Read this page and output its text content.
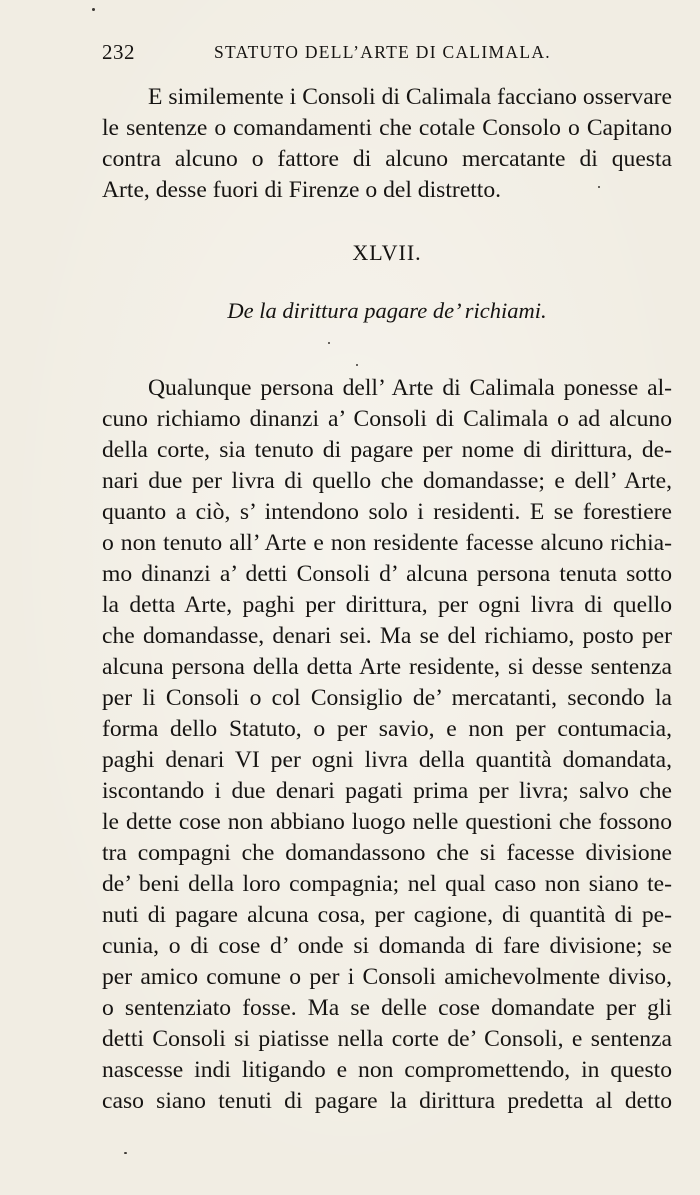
232	STATUTO DELL’ARTE DI CALIMALA.
E similemente i Consoli di Calimala facciano osservare
le sentenze o comandamenti che cotale Consolo o Capitano
contra alcuno o fattore di alcuno mercatante di questa
Arte, desse fuori di Firenze o del distretto.
XLVII.
De la dirittura pagare de’ richiami.
Qualunque persona dell’ Arte di Calimala ponesse al-
cuno richiamo dinanzi a’ Consoli di Calimala o ad alcuno
della corte, sia tenuto di pagare per nome di dirittura, de-
nari due per livra di quello che domandasse; e dell’ Arte,
quanto a ciò, s’ intendono solo i residenti. E se forestiere
o non tenuto all’ Arte e non residente facesse alcuno richia-
mo dinanzi a’ detti Consoli d’ alcuna persona tenuta sotto
la detta Arte, paghi per dirittura, per ogni livra di quello
che domandasse, denari sei. Ma se del richiamo, posto per
alcuna persona della detta Arte residente, si desse sentenza
per li Consoli o col Consiglio de’ mercatanti, secondo la
forma dello Statuto, o per savio, e non per contumacia,
paghi denari VI per ogni livra della quantità domandata,
iscontando i due denari pagati prima per livra; salvo che
le dette cose non abbiano luogo nelle questioni che fossono
tra compagni che domandassono che si facesse divisione
de’ beni della loro compagnia; nel qual caso non siano te-
nuti di pagare alcuna cosa, per cagione, di quantità di pe-
cunia, o di cose d’ onde si domanda di fare divisione; se
per amico comune o per i Consoli amichevolmente diviso,
o sentenziato fosse. Ma se delle cose domandate per gli
detti Consoli si piatisse nella corte de’ Consoli, e sentenza
nascesse indi litigando e non compromettendo, in questo
caso siano tenuti di pagare la dirittura predetta al detto
